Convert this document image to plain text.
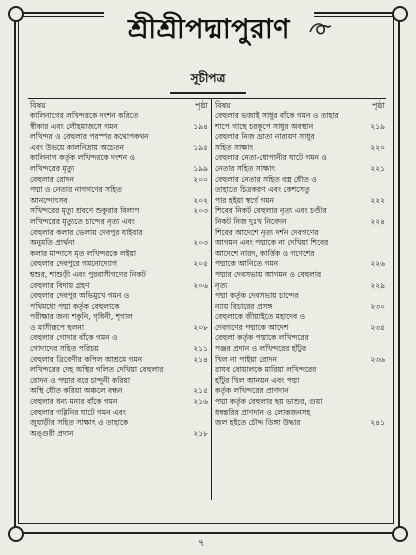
শ্রীশ্রীপদ্মাপুরাণ
সূচীপত্র
বিষয়	পৃষ্ঠা
কালিনাগের লখিন্দরকে দংশন করিতে
স্বীকার এবং লৌহমাজসে গমন	১৯৪
লখিন্দর ও বেহুলার পরস্পর কথোপকথন
এবং উভয়ে কালনিদ্রায় অচেতন	১৯৫
কালিনাগ কর্তৃক লখিন্দরকে দংশন ও
লখিন্দরের মৃত্যু	১৯৯
বেহুলার রোদন	২০০
পদ্মা ও নেতার নাগগণের সহিত
আনন্দোৎসব	২০২
সখিন্দরের মৃত্যু শ্রবণে শুকুরার বিলাপ	২০৩
লখিন্দরের মৃত্যুতে চান্দের নৃত্য এবং
বেহুলার কলার ভেলায় দেবপুর যাইবার
অনুমতি প্রার্থনা	২০৩
কলার মান্দাসে মৃত লখিন্দরকে লইয়া
বেহুলার দেবপুরে গমনোদ্যোগ	২০৫
শ্বশুর, শাশুড়ী এবং পুরবাসীগণের নিকট
বেহুলার বিদায় গ্রহণ	২০৬
বেহুলার দেবপুর অভিমুখে গমন ও
পথিমধ্যে পদ্মা কর্তৃক বেহুলাকে
পরীক্ষার জন্য শকুনি, গৃধিনী, শৃগাল
ও মাসীরূপে ছলনা	২০৮
বেহুলার গোদার বাঁকে গমন ও
গোদাদের সহিত পরিচয়	২১১
বেহুলার ত্রিবেণীর কপিল আশ্রমে গমন	২১৪
লখিন্দরের দেহ অস্থির গলিত দেখিয়া বেহুলার
রোদন ও পদ্মার বরে চান্দুনী করিয়া
অস্থি ধৌত করিয়া অঞ্চলে বন্ধন	২১৫
বেহুলার ধন্য মনার বাঁকে গমন	২১৬
বেহুলার গগ্গিনির ঘাটে গমন এবং
জুয়াড়ীর সহিত সাক্ষাৎ ও তাহাকে
অঙ্গুরী প্রদান	২১৮
বিষয়	পৃষ্ঠা
বেহুলার ভজাই সাধুর বাঁকে গমন ও তাহার
শাপে গাছে চরকূপে সাধুর অবস্থান	২১৯
বেহুলার নিজ ভ্রাতা নারায়ণ সাধুর
সহিত সাক্ষাৎ	২২০
বেহুলার নেতা-ধোপানীর ঘাটে গমন ও
নেতার সহিত সাক্ষাৎ	২২১
বেহুলার নেতার সহিত বস্ত্র ধৌত ও
তাহাতে চিত্রকরণ এবং কেশসেতু
পার হইয়া স্বর্গে গমন	২২২
শিবের নিকট বেহুলার নৃত্য এবং চণ্ডীর
নিকট নিজ দুঃখ নিবেদন	২২৪
শিবের আদেশে নৃত্য দর্শন দেবগণের
আগমন এবং পদ্মাকে না দেখিয়া শিবের
আদেশে নারদ, কার্ত্তিক ও গণেশের
পদ্মাকে আনিতে গমন	২২৬
পদ্মার দেবসভায় আগমন ও বেহুলার
নৃত্য	২২৯
পদ্মা কর্তৃক দেবসভায় চান্দের
ন্যায় বিচারের প্রসঙ্গ	২৩০
বেহুলাকে জীয়াইতে মহাদেব ও
দেবগণের পদ্মাকে আদেশ	২৩৫
বেহুলা কর্তৃক পদ্মাকে লখিন্দরের
পঞ্জর প্রদান ও লখিন্দরের হাঁটুর
খিল না পাইয়া রোদন	২৩৬
রাঘব বোয়ালকে মারিয়া লখিন্দরের
হাঁটুর খিল আনয়ন এবং পদ্মা
কর্তৃক লখিন্দরের প্রাণদান
পদ্মা কর্তৃক বেহুলার ছয় ভাশুর, গুয়া
ধন্বন্তরির প্রাণদান ও লোকজনসহ
জল হইতে চৌদ্দ ডিঙ্গা উদ্ধার	২৪১
৭
